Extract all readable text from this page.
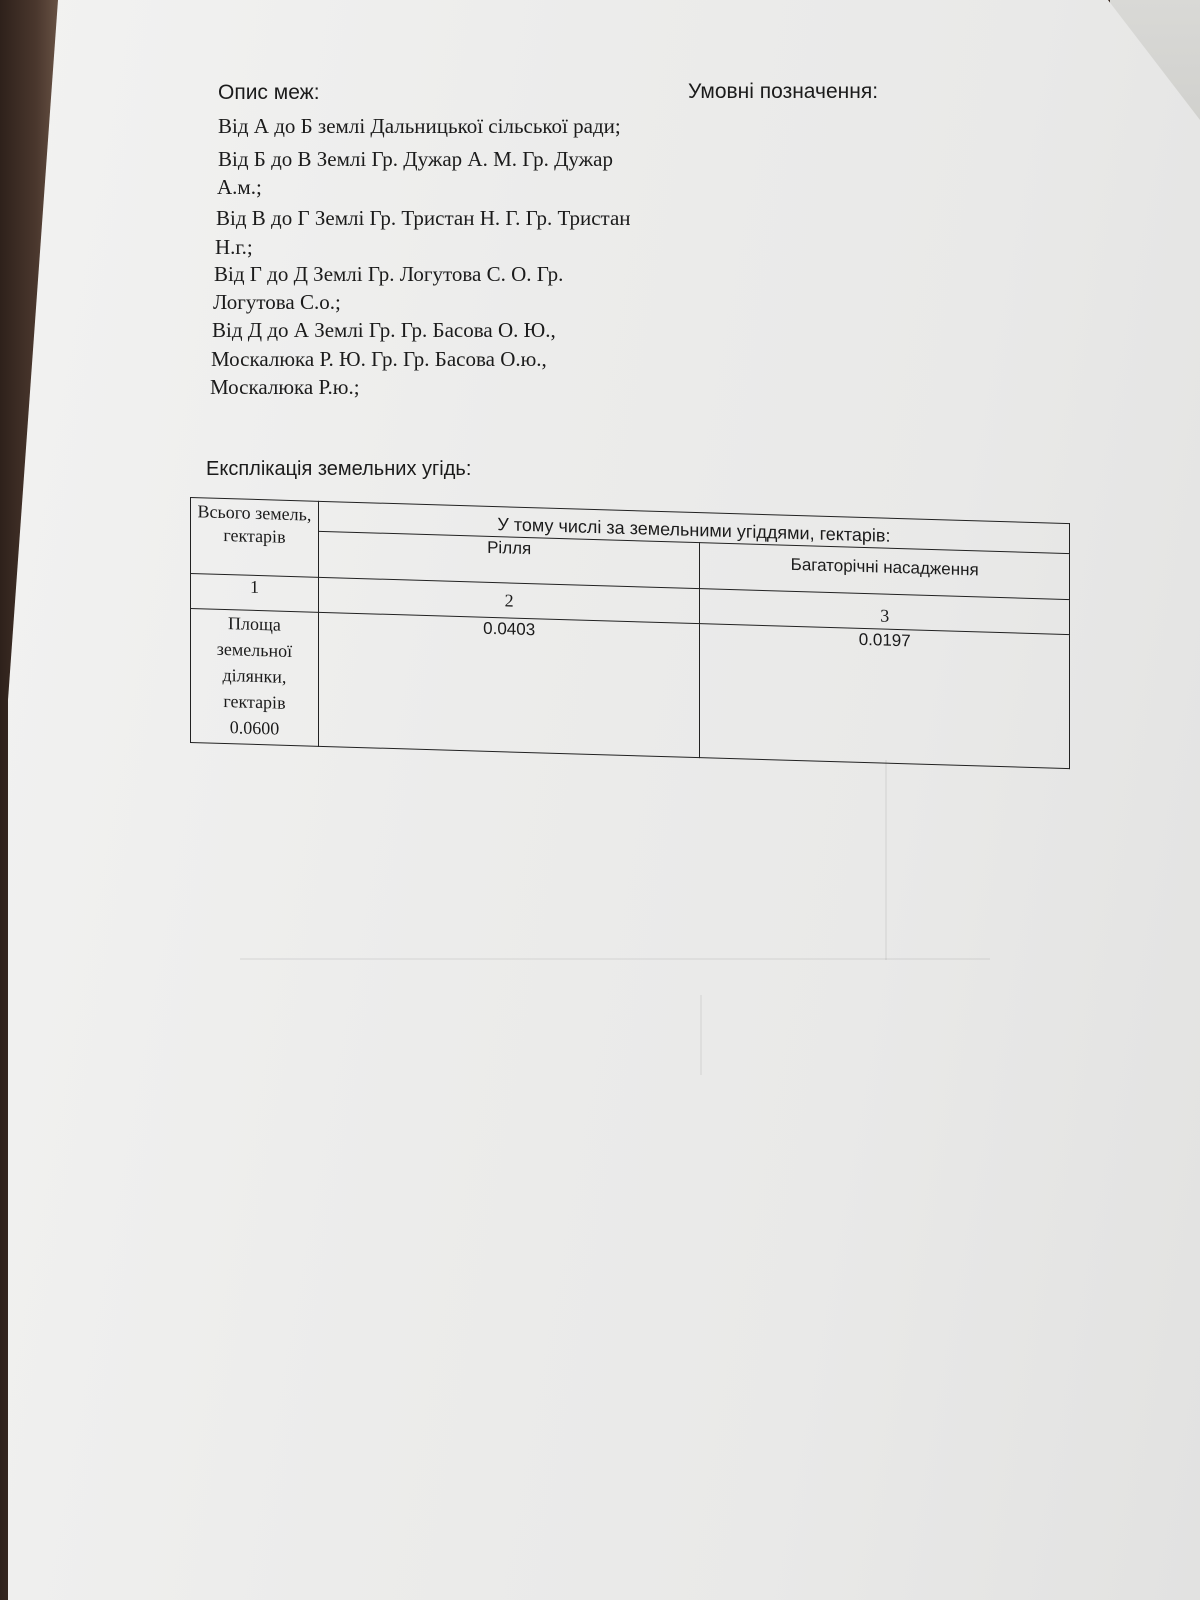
Опис меж:
Від А до Б землі Дальницької сільської ради;
Від Б до В Землі Гр. Дужар А. М. Гр. Дужар
А.м.;
Від В до Г Землі Гр. Тристан Н. Г. Гр. Тристан
Н.г.;
Від Г до Д Землі Гр. Логутова С. О. Гр.
Логутова С.о.;
Від Д до А Землі Гр. Гр. Басова О. Ю.,
Москалюка Р. Ю. Гр. Гр. Басова О.ю.,
Москалюка Р.ю.;
Умовні позначення:
Експлікація земельних угідь:
Всього земель, гектарів	У тому числі за земельними угіддями, гектарів:	
	Рілля	Багаторічні насадження
1	2	3
Площа земельної ділянки, гектарів
0.0600	0.0403	0.0197
